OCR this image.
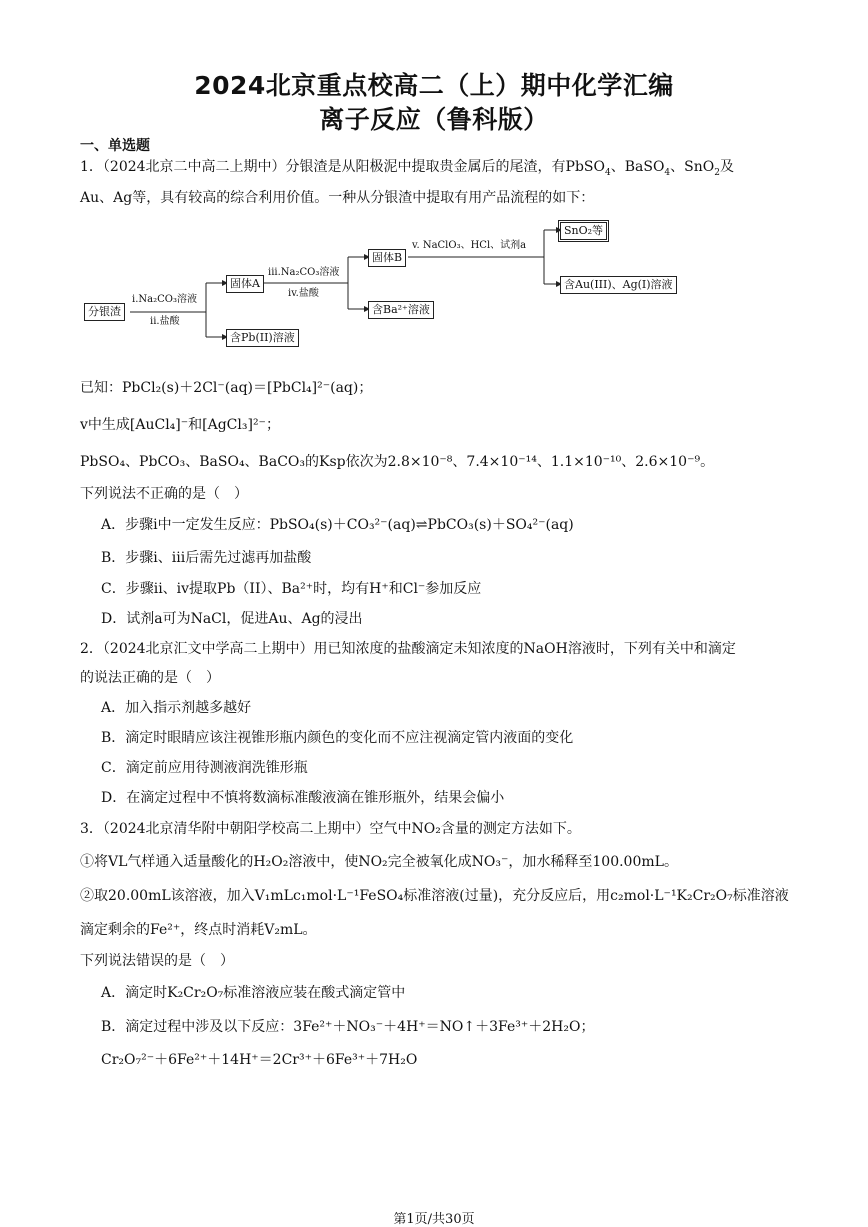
2024北京重点校高二（上）期中化学汇编
离子反应（鲁科版）
一、单选题
1．（2024北京二中高二上期中）分银渣是从阳极泥中提取贵金属后的尾渣，有PbSO$_4$、BaSO$_4$、SnO$_2$及
Au、Ag等，具有较高的综合利用价值。一种从分银渣中提取有用产品流程的如下：
分银渣
i.Na₂CO₃溶液
ii.盐酸
固体A
含Pb(II)溶液
iii.Na₂CO₃溶液
iv.盐酸
固体B
含Ba²⁺溶液
v. NaClO₃、HCl、试剂a
SnO₂等
含Au(III)、Ag(I)溶液
已知：PbCl₂(s)＋2Cl⁻(aq)＝[PbCl₄]²⁻(aq)；
v中生成[AuCl₄]⁻和[AgCl₃]²⁻；
PbSO₄、PbCO₃、BaSO₄、BaCO₃的Ksp依次为2.8×10⁻⁸、7.4×10⁻¹⁴、1.1×10⁻¹⁰、2.6×10⁻⁹。
下列说法不正确的是（　）
A．步骤i中一定发生反应：PbSO₄(s)＋CO₃²⁻(aq)⇌PbCO₃(s)＋SO₄²⁻(aq)
B．步骤i、iii后需先过滤再加盐酸
C．步骤ii、iv提取Pb（II）、Ba²⁺时，均有H⁺和Cl⁻参加反应
D．试剂a可为NaCl，促进Au、Ag的浸出
2．（2024北京汇文中学高二上期中）用已知浓度的盐酸滴定未知浓度的NaOH溶液时，下列有关中和滴定
的说法正确的是（　）
A．加入指示剂越多越好
B．滴定时眼睛应该注视锥形瓶内颜色的变化而不应注视滴定管内液面的变化
C．滴定前应用待测液润洗锥形瓶
D．在滴定过程中不慎将数滴标准酸液滴在锥形瓶外，结果会偏小
3．（2024北京清华附中朝阳学校高二上期中）空气中NO₂含量的测定方法如下。
①将VL气样通入适量酸化的H₂O₂溶液中，使NO₂完全被氧化成NO₃⁻，加水稀释至100.00mL。
②取20.00mL该溶液，加入V₁mLc₁mol·L⁻¹FeSO₄标准溶液(过量)，充分反应后，用c₂mol·L⁻¹K₂Cr₂O₇标准溶液
滴定剩余的Fe²⁺，终点时消耗V₂mL。
下列说法错误的是（　）
A．滴定时K₂Cr₂O₇标准溶液应装在酸式滴定管中
B．滴定过程中涉及以下反应：3Fe²⁺＋NO₃⁻＋4H⁺＝NO↑＋3Fe³⁺＋2H₂O；
Cr₂O₇²⁻＋6Fe²⁺＋14H⁺＝2Cr³⁺＋6Fe³⁺＋7H₂O
第1页/共30页
